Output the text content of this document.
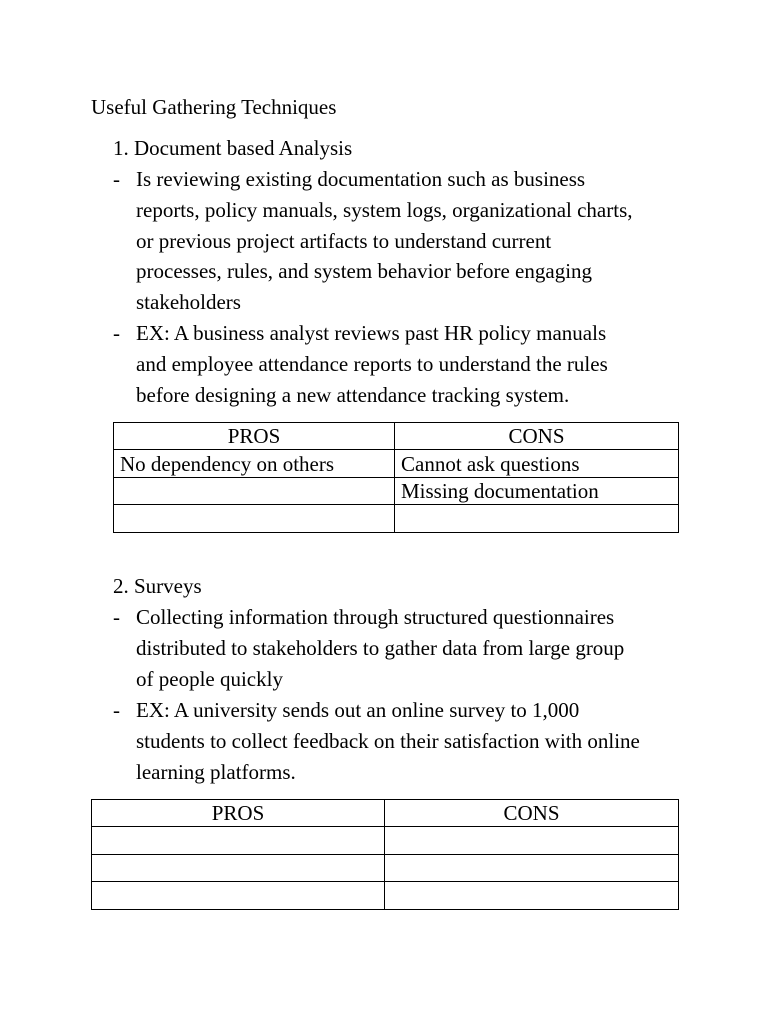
Useful Gathering Techniques
1. Document based Analysis
- Is reviewing existing documentation such as business
reports, policy manuals, system logs, organizational charts,
or previous project artifacts to understand current
processes, rules, and system behavior before engaging
stakeholders
- EX: A business analyst reviews past HR policy manuals
and employee attendance reports to understand the rules
before designing a new attendance tracking system.
PROS	CONS
No dependency on others	Cannot ask questions
	Missing documentation

2. Surveys
- Collecting information through structured questionnaires
distributed to stakeholders to gather data from large group
of people quickly
- EX: A university sends out an online survey to 1,000
students to collect feedback on their satisfaction with online
learning platforms.
PROS	CONS
